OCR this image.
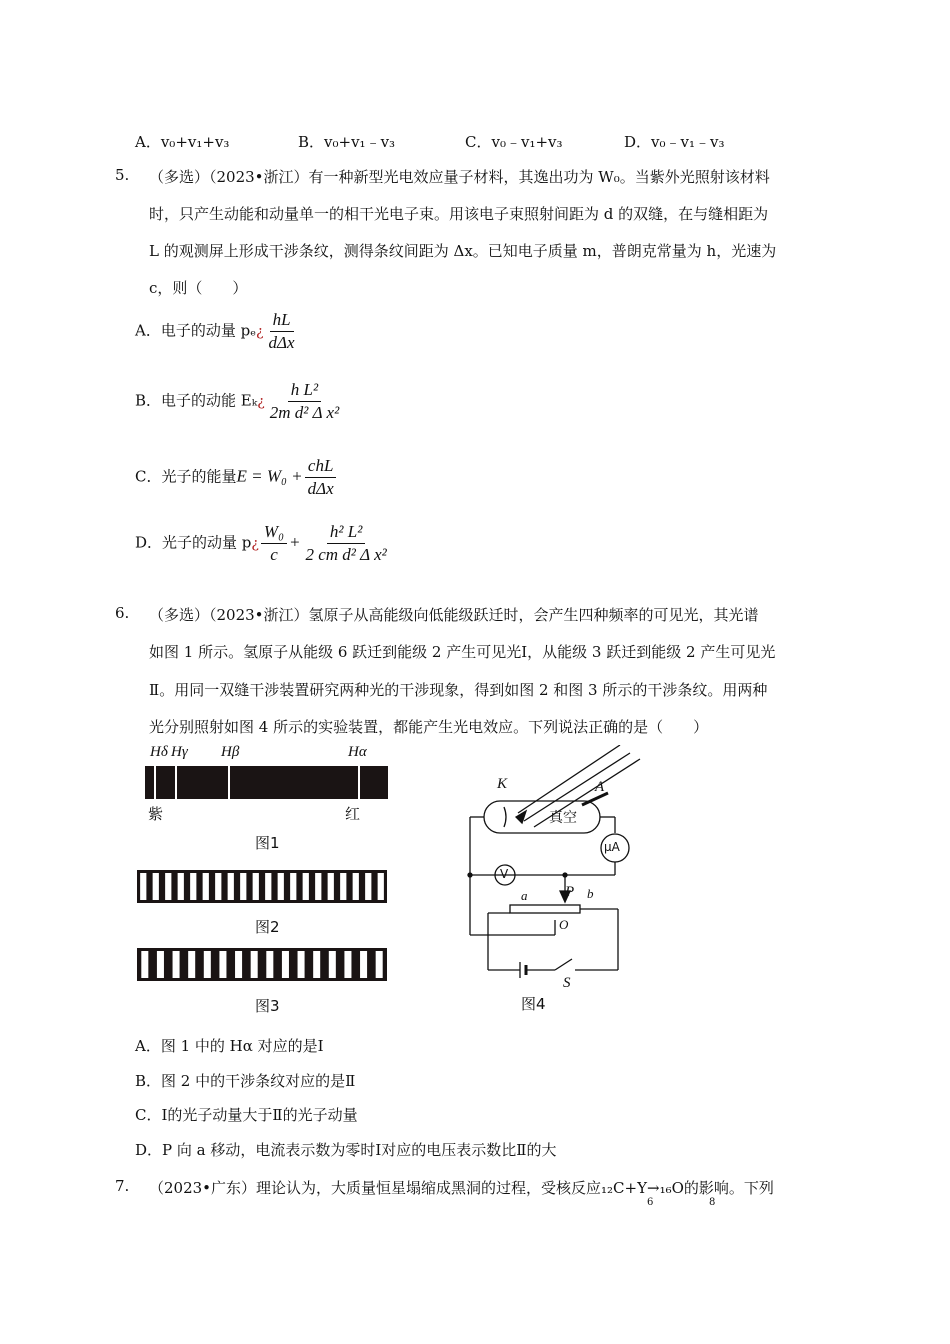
A．v₀+v₁+v₃	B．v₀+v₁﹣v₃	C．v₀﹣v₁+v₃	D．v₀﹣v₁﹣v₃
5. （多选）（2023•浙江）有一种新型光电效应量子材料，其逸出功为 W₀。当紫外光照射该材料
时，只产生动能和动量单一的相干光电子束。用该电子束照射间距为 d 的双缝，在与缝相距为
L 的观测屏上形成干涉条纹，测得条纹间距为 Δx。已知电子质量 m，普朗克常量为 h，光速为
c，则（　　）
A．电子的动量 pₑ¿ $\frac{hL}{\text{dΔx}}$
B．电子的动能 Eₖ¿ $\frac{\text{h L²}}{\text{2m d² Δ x²}}$
C．光子的能量$E = W_0 + \frac{\text{chL}}{\text{dΔx}}$
D．光子的动量 p¿ $\frac{\text{W₀}}{c} + \frac{\text{h² L²}}{\text{2 cm d² Δ x²}}$
6. （多选）（2023•浙江）氢原子从高能级向低能级跃迁时，会产生四种频率的可见光，其光谱
如图 1 所示。氢原子从能级 6 跃迁到能级 2 产生可见光Ⅰ，从能级 3 跃迁到能级 2 产生可见光
Ⅱ。用同一双缝干涉装置研究两种光的干涉现象，得到如图 2 和图 3 所示的干涉条纹。用两种
光分别照射如图 4 所示的实验装置，都能产生光电效应。下列说法正确的是（　　）
Hδ Hγ Hβ	Hα
紫	红
图1
图2
图3
K	A
真空
μA
V
P
a	b
O
S
图4
A．图 1 中的 Hα 对应的是Ⅰ
B．图 2 中的干涉条纹对应的是Ⅱ
C．Ⅰ的光子动量大于Ⅱ的光子动量
D．P 向 a 移动，电流表示数为零时Ⅰ对应的电压表示数比Ⅱ的大
7. （2023•广东）理论认为，大质量恒星塌缩成黑洞的过程，受核反应₁₂C+Y→₁₆O的影响。下列
6	8
